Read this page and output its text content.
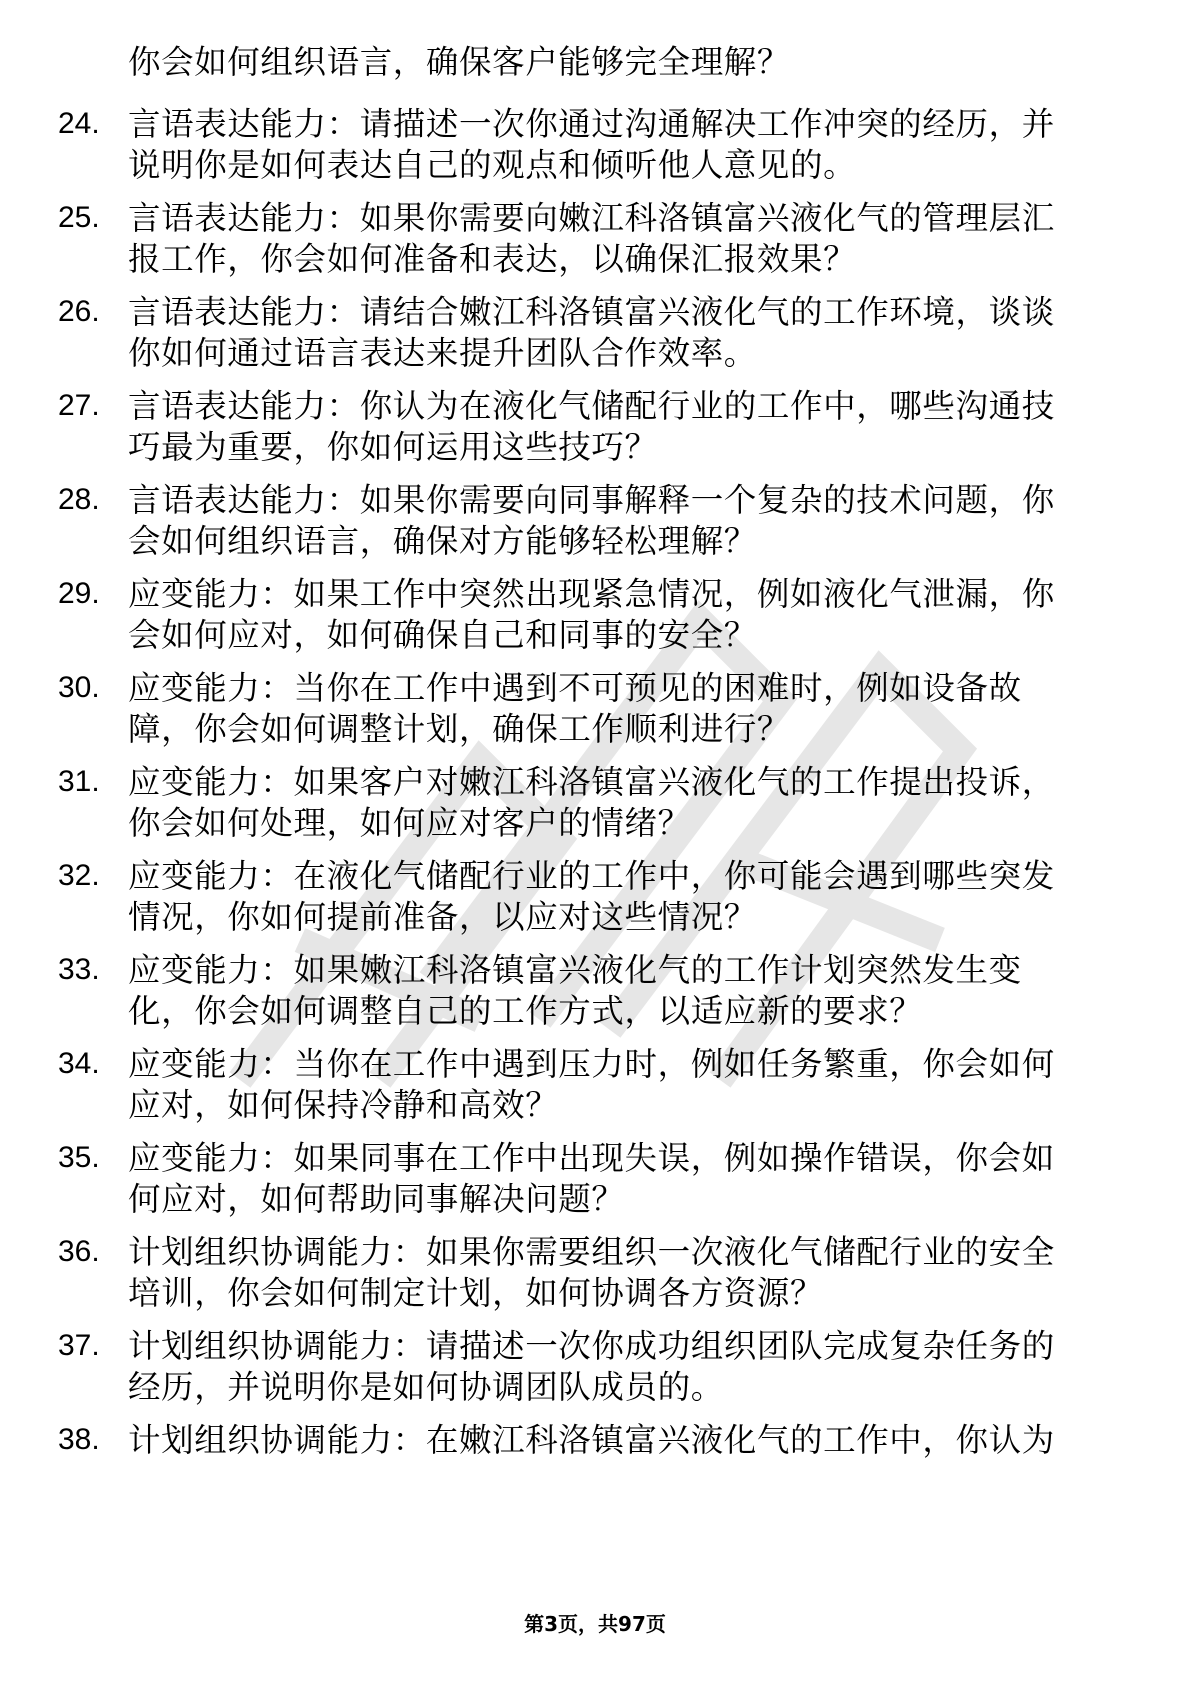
你会如何组织语言，确保客户能够完全理解？
24. 言语表达能力：请描述一次你通过沟通解决工作冲突的经历，并
说明你是如何表达自己的观点和倾听他人意见的。
25. 言语表达能力：如果你需要向嫩江科洛镇富兴液化气的管理层汇
报工作，你会如何准备和表达，以确保汇报效果？
26. 言语表达能力：请结合嫩江科洛镇富兴液化气的工作环境，谈谈
你如何通过语言表达来提升团队合作效率。
27. 言语表达能力：你认为在液化气储配行业的工作中，哪些沟通技
巧最为重要，你如何运用这些技巧？
28. 言语表达能力：如果你需要向同事解释一个复杂的技术问题，你
会如何组织语言，确保对方能够轻松理解？
29. 应变能力：如果工作中突然出现紧急情况，例如液化气泄漏，你
会如何应对，如何确保自己和同事的安全？
30. 应变能力：当你在工作中遇到不可预见的困难时，例如设备故
障，你会如何调整计划，确保工作顺利进行？
31. 应变能力：如果客户对嫩江科洛镇富兴液化气的工作提出投诉，
你会如何处理，如何应对客户的情绪？
32. 应变能力：在液化气储配行业的工作中，你可能会遇到哪些突发
情况，你如何提前准备，以应对这些情况？
33. 应变能力：如果嫩江科洛镇富兴液化气的工作计划突然发生变
化，你会如何调整自己的工作方式，以适应新的要求？
34. 应变能力：当你在工作中遇到压力时，例如任务繁重，你会如何
应对，如何保持冷静和高效？
35. 应变能力：如果同事在工作中出现失误，例如操作错误，你会如
何应对，如何帮助同事解决问题？
36. 计划组织协调能力：如果你需要组织一次液化气储配行业的安全
培训，你会如何制定计划，如何协调各方资源？
37. 计划组织协调能力：请描述一次你成功组织团队完成复杂任务的
经历，并说明你是如何协调团队成员的。
38. 计划组织协调能力：在嫩江科洛镇富兴液化气的工作中，你认为
第3页，共97页
